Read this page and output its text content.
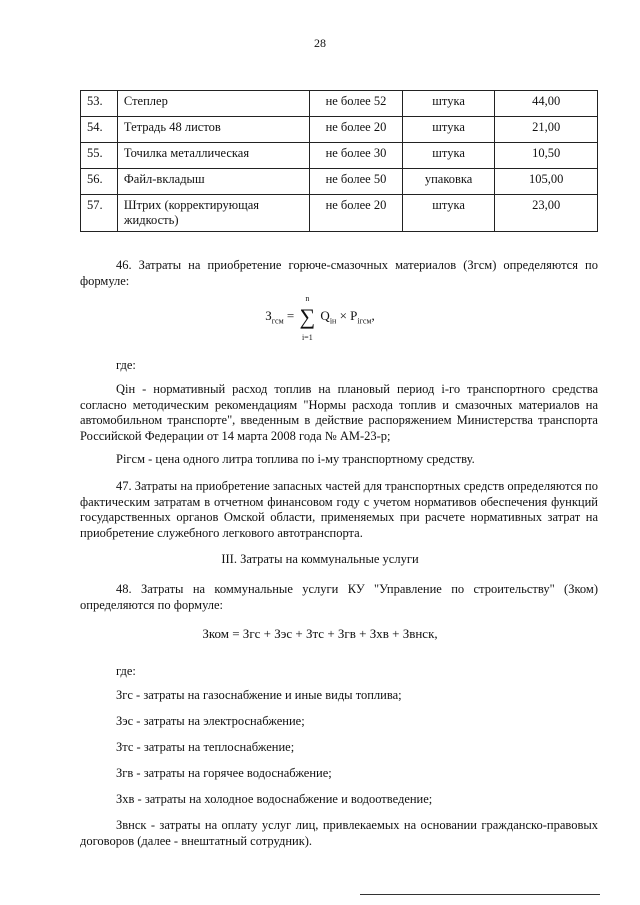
28
53.	Степлер	не более 52	штука	44,00
54.	Тетрадь 48 листов	не более 20	штука	21,00
55.	Точилка металлическая	не более 30	штука	10,50
56.	Файл-вкладыш	не более 50	упаковка	105,00
57.	Штрих (корректирующая жидкость)	не более 20	штука	23,00
46. Затраты на приобретение горюче-смазочных материалов (Згсм) определяются по формуле:
$З_{гсм}$ = ∑
n
i=1
$Q_{iн} \times P_{iгсм}$,
где:
Qiн - нормативный расход топлив на плановый период i-го транспортного средства согласно методическим рекомендациям "Нормы расхода топлив и смазочных материалов на автомобильном транспорте", введенным в действие распоряжением Министерства транспорта Российской Федерации от 14 марта 2008 года № АМ-23-р;
Piгсм - цена одного литра топлива по i-му транспортному средству.
47. Затраты на приобретение запасных частей для транспортных средств определяются по фактическим затратам в отчетном финансовом году с учетом нормативов обеспечения функций государственных органов Омской области, применяемых при расчете нормативных затрат на приобретение служебного легкового автотранспорта.
III. Затраты на коммунальные услуги
48. Затраты на коммунальные услуги КУ "Управление по строительству" (Зком) определяются по формуле:
Зком = Згс + Зэс + Зтс + Згв + Зхв + Звнск,
где:
Згс - затраты на газоснабжение и иные виды топлива;
Зэс - затраты на электроснабжение;
Зтс - затраты на теплоснабжение;
Згв - затраты на горячее водоснабжение;
Зхв - затраты на холодное водоснабжение и водоотведение;
Звнск - затраты на оплату услуг лиц, привлекаемых на основании гражданско-правовых договоров (далее - внештатный сотрудник).
